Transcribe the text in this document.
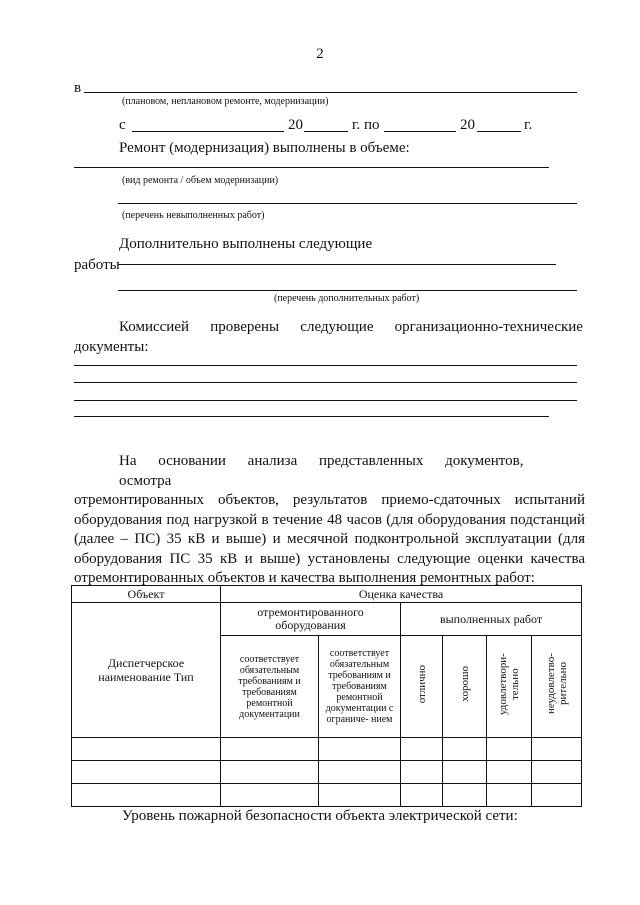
2
в
(плановом, неплановом ремонте, модернизации)
с	20	г. по	20	г.
Ремонт (модернизация) выполнены в объеме:
(вид ремонта / объем модернизации)
(перечень невыполненных работ)
Дополнительно выполнены следующие
работы
(перечень дополнительных работ)
Комиссией проверены следующие организационно-технические
документы:
На основании анализа представленных документов, осмотра
отремонтированных объектов, результатов приемо-сдаточных испытаний
оборудования под нагрузкой в течение 48 часов (для оборудования подстанций
(далее – ПС) 35 кВ и выше) и месячной подконтрольной эксплуатации (для
оборудования ПС 35 кВ и выше) установлены следующие оценки качества
отремонтированных объектов и качества выполнения ремонтных работ:
Объект	Оценка качества					

Диспетчерское наименование Тип	отремонтированного оборудования		выполненных работ			

	соответствует обязательным требованиям и требованиям ремонтной документации	соответствует обязательным требованиям и требованиям ремонтной документации с ограниче- нием	отлично	хорошо	удовлетвори- тельно	неудовлетво- рительно

Уровень пожарной безопасности объекта электрической сети:
